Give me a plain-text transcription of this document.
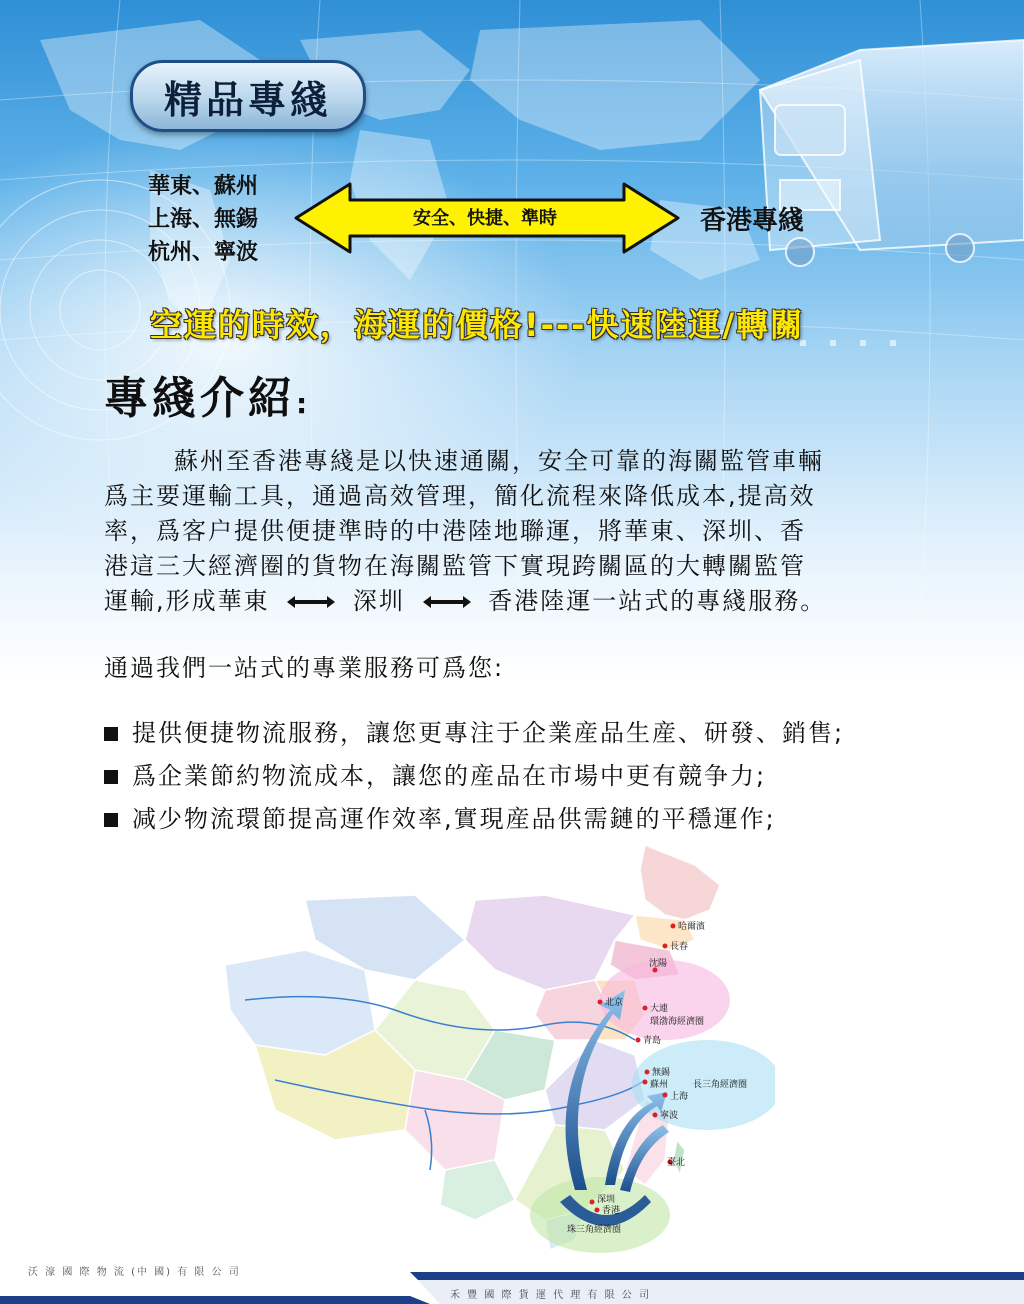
精品專綫
華東、蘇州
上海、無錫
杭州、寧波
安全、快捷、準時	香港專綫
空運的時效，海運的價格!---快速陸運/轉關
專綫介紹:

蘇州至香港專綫是以快速通關，安全可靠的海關監管車輛

爲主要運輸工具，通過高效管理，簡化流程來降低成本,提高效

率，爲客户提供便捷準時的中港陸地聯運，將華東、深圳、香

港這三大經濟圈的貨物在海關監管下實現跨關區的大轉關監管

運輸,形成華東	深圳	香港陸運一站式的專綫服務。

通過我們一站式的專業服務可爲您:
提供便捷物流服務，讓您更專注于企業産品生産、研發、銷售;
爲企業節約物流成本，讓您的産品在市場中更有競争力;
减少物流環節提高運作效率,實現産品供需鏈的平穩運作;
哈爾濱
長春
沈陽
北京
大連
環渤海經濟圈
青島
無錫
蘇州	長三角經濟圈
上海
寧波
臺北
深圳
香港
珠三角經濟圈
沃 濠 國 際 物 流 (中 國) 有 限 公 司
禾 豐 國 際 貨 運 代 理 有 限 公 司
